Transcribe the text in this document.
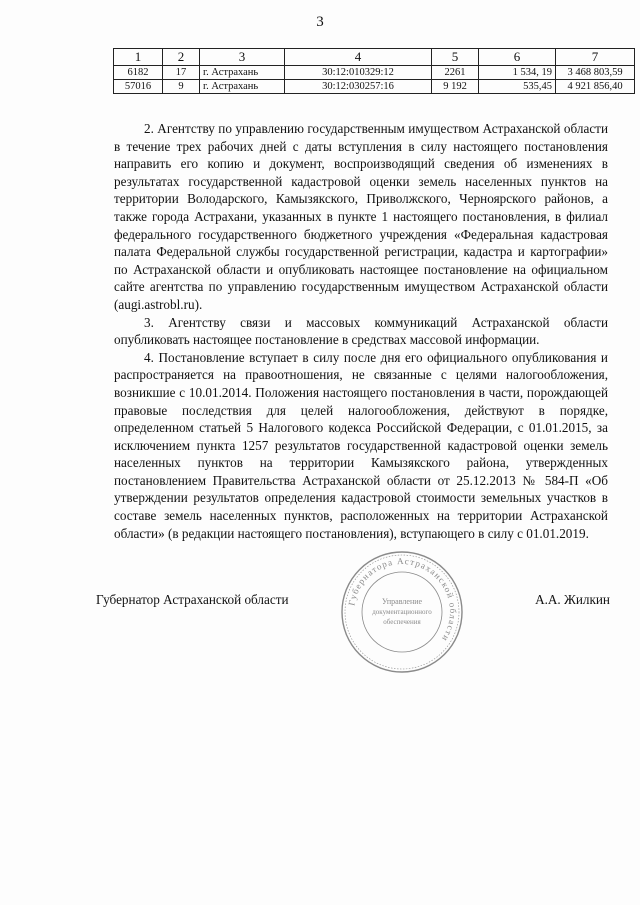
3
1	2	3	4	5	6	7
6182	17	г. Астрахань	30:12:010329:12	2261	1 534, 19	3 468 803,59
57016	9	г. Астрахань	30:12:030257:16	9 192	535,45	4 921 856,40

2. Агентству по управлению государственным имуществом Астраханской области в течение трех рабочих дней с даты вступления в силу настоящего постановления направить его копию и документ, воспроизводящий сведения об изменениях в результатах государственной кадастровой оценки земель населенных пунктов на территории Володарского, Камызякского, Приволжского, Черноярского районов, а также города Астрахани, указанных в пункте 1 настоящего постановления, в филиал федерального государственного бюджетного учреждения «Федеральная кадастровая палата Федеральной службы государственной регистрации, кадастра и картографии» по Астраханской области и опубликовать настоящее постановление на официальном сайте агентства по управлению государственным имуществом Астраханской области (augi.astrobl.ru).

3. Агентству связи и массовых коммуникаций Астраханской области опубликовать настоящее постановление в средствах массовой информации.

4. Постановление вступает в силу после дня его официального опубликования и распространяется на правоотношения, не связанные с целями налогообложения, возникшие с 10.01.2014. Положения настоящего постановления в части, порождающей правовые последствия для целей налогообложения, действуют в порядке, определенном статьей 5 Налогового кодекса Российской Федерации, с 01.01.2015, за исключением пункта 1257 результатов государственной кадастровой оценки земель населенных пунктов на территории Камызякского района, утвержденных постановлением Правительства Астраханской области от 25.12.2013 № 584-П «Об утверждении результатов определения кадастровой стоимости земельных участков в составе земель населенных пунктов, расположенных на территории Астраханской области» (в редакции настоящего постановления), вступающего в силу с 01.01.2019.

Губернатор Астраханской области	А.А. Жилкин
Губернатора Астраханской области
Управление
документационного
обеспечения
